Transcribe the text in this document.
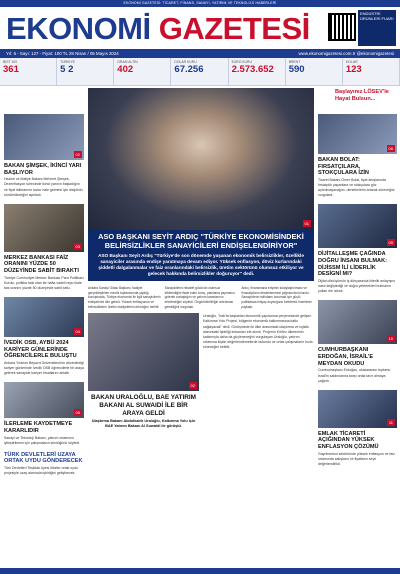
EKONOMİ GAZETESİ: TİCARET, FİNANS, SANAYİ, YATIRIM VE TEKNOLOJİ HABERLERİ
EKONOMİ GAZETESİ	ENDÜSTRİ ÜRÜNLERİ FUARI
Yıl: 6 - Sayı: 127 - Fiyat: 100 TL 29 Nisan / 05 Mayıs 2024	www.ekonomigazetesi.com.tr @ekonomigazetesi
BIST 100
361
TÜRKİYE
5 2
GRAM ALTIN
402
DOLAR KURU
67.256
EURO KURU
2.573.652
BRENT
590
DOLAR
123
Başlayınız LÖSEV'le Hayat Bulsun...
02
BAKAN ŞİMŞEK, İKİNCİ YARI BAŞLIYOR
Hazine ve Maliye Bakanı Mehmet Şimşek, Dezenflasyon sürecinde ikinci yarının başladığını ve fiyat istikrarının kalıcı hale gelmesi için disiplinin sürdürüleceğini açıkladı.
03
MERKEZ BANKASI FAİZ ORANINI YÜZDE 50 DÜZEYİNDE SABİT BIRAKTI
Türkiye Cumhuriyet Merkez Bankası Para Politikası Kurulu, politika faizi olan bir hafta vadeli repo ihale faiz oranını yüzde 50 düzeyinde sabit tuttu.
04
İVEDİK OSB, AYBÜ 2024 KARİYER GÜNLERİNDE ÖĞRENCİLERLE BULUŞTU
Ankara Yıldırım Beyazıt Üniversitesi'nin düzenlediği kariyer günlerinde İvedik OSB öğrencilerle bir araya gelerek sanayide kariyer fırsatlarını anlattı.
05
İLERLEME KAYDETMEYE KARARLIDIR
Sanayi ve Teknoloji Bakanı, yatırım ortamının iyileştirilmesi için çalışmaların sürdüğünü söyledi.
TÜRK DEVLETLERİ UZAYA ORTAK UYDU GÖNDERECEK
Türk Devletleri Teşkilatı üyesi ülkeler ortak uydu projesiyle uzay alanında işbirliğini geliştirecek.
01
ASO BAŞKANI SEYİT ARDIÇ "TÜRKİYE EKONOMİSİNDEKİ BELİRSİZLİKLER SANAYİCİLERİ ENDİŞELENDİRİYOR"
ASO Başkanı Seyit Ardıç "Türkiye'de son dönemde yaşanan ekonomik belirsizlikler, özellikle sanayiciler arasında endişe yaratmaya devam ediyor. Yüksek enflasyon, döviz kurlarındaki şiddetli dalgalanmalar ve faiz oranlarındaki belirsizlik, üretim sektörünü olumsuz etkiliyor ve gelecek hakkında belirsizlikler doğuruyor" dedi.
Ankara Sanayi Odası Başkanı, faaliyet gerçekleştirilen meclis toplantısında yaptığı konuşmada, Türkiye ekonomisi ile ilgili sanayicilerin endişelerini dile getirdi. Yüksek enflasyonun ve belirsizliklerin üretim maliyetlerini artırdığını belirtti.
Sanayicilerin rekabet gücünün olumsuz etkilendiğini ifade eden Ardıç, planlama yapmanın giderek zorlaştığını ve yatırım kararlarının ertelendiğini söyledi. Öngörülebilirliğin artırılması gerektiğini vurguladı.
Ardıç, finansmana erişimin kolaylaştırılması ve ihracatçıların desteklenmesi çağrısında bulundu. Sanayicilerin istihdamı korumak için güçlü politikalara ihtiyaç duyduğunu belirterek önerilerini paylaştı.
02
BAKAN URALOĞLU, BAE YATIRIM BAKANI AL SUWAIDİ İLE BİR ARAYA GELDİ
Ulaştırma Bakanı Abdulkadir Uraloğlu, Kalkınma Yolu için BAE Yatırım Bakanı Al Suwaidi ile görüştü.
Uraloğlu, "Irak'ta başlatılan ekonomik yapılanma çerçevesinde gelişen Kalkınma Yolu Projesi, bölgenin ekonomik kalkınmasına katkı sağlayacak" dedi. Görüşmede iki ülke arasındaki ulaştırma ve lojistik alanındaki işbirliği imkanları ele alındı. Projenin Körfez ülkelerinin katılımıyla daha da güçleneceğini vurgulayan Uraloğlu, yatırım ortamına ilişkin değerlendirmelerde bulundu ve ortak çalışmaların hızla süreceğini belirtti.
08
BAKAN BOLAT: FIRSATÇILARA, STOKÇULARA İZİN
Ticaret Bakanı Ömer Bolat, fiyat artışlarında fırsatçılık yapanlara ve stokçulara göz açtırılmayacağını, denetimlerin artarak süreceğini vurguladı.
09
DİJİTALLEŞME ÇAĞINDA DOĞRU İNSANI BULMAK: DİJİSSM İLİ LİDERLİK DESİGNİ MI?
Dijital dönüşümün iş dünyasında liderlik anlayışını nasıl değiştirdiği ve doğru yetenekleri bulmanın yolları ele alındı.
10
CUMHURBAŞKANI ERDOĞAN, İSRAİL'E MEYDAN OKUDU
Cumhurbaşkanı Erdoğan, uluslararası toplumu İsrail'in saldırılarına karşı ortak tavır almaya çağırdı.
11
EMLAK TİCARETİ AÇIĞINDAN YÜKSEK ENFLASYON ÇÖZÜMÜ
Gayrimenkul sektöründe yüksek enflasyon ve faiz ortamında satışların ve fiyatların seyri değerlendirildi.
